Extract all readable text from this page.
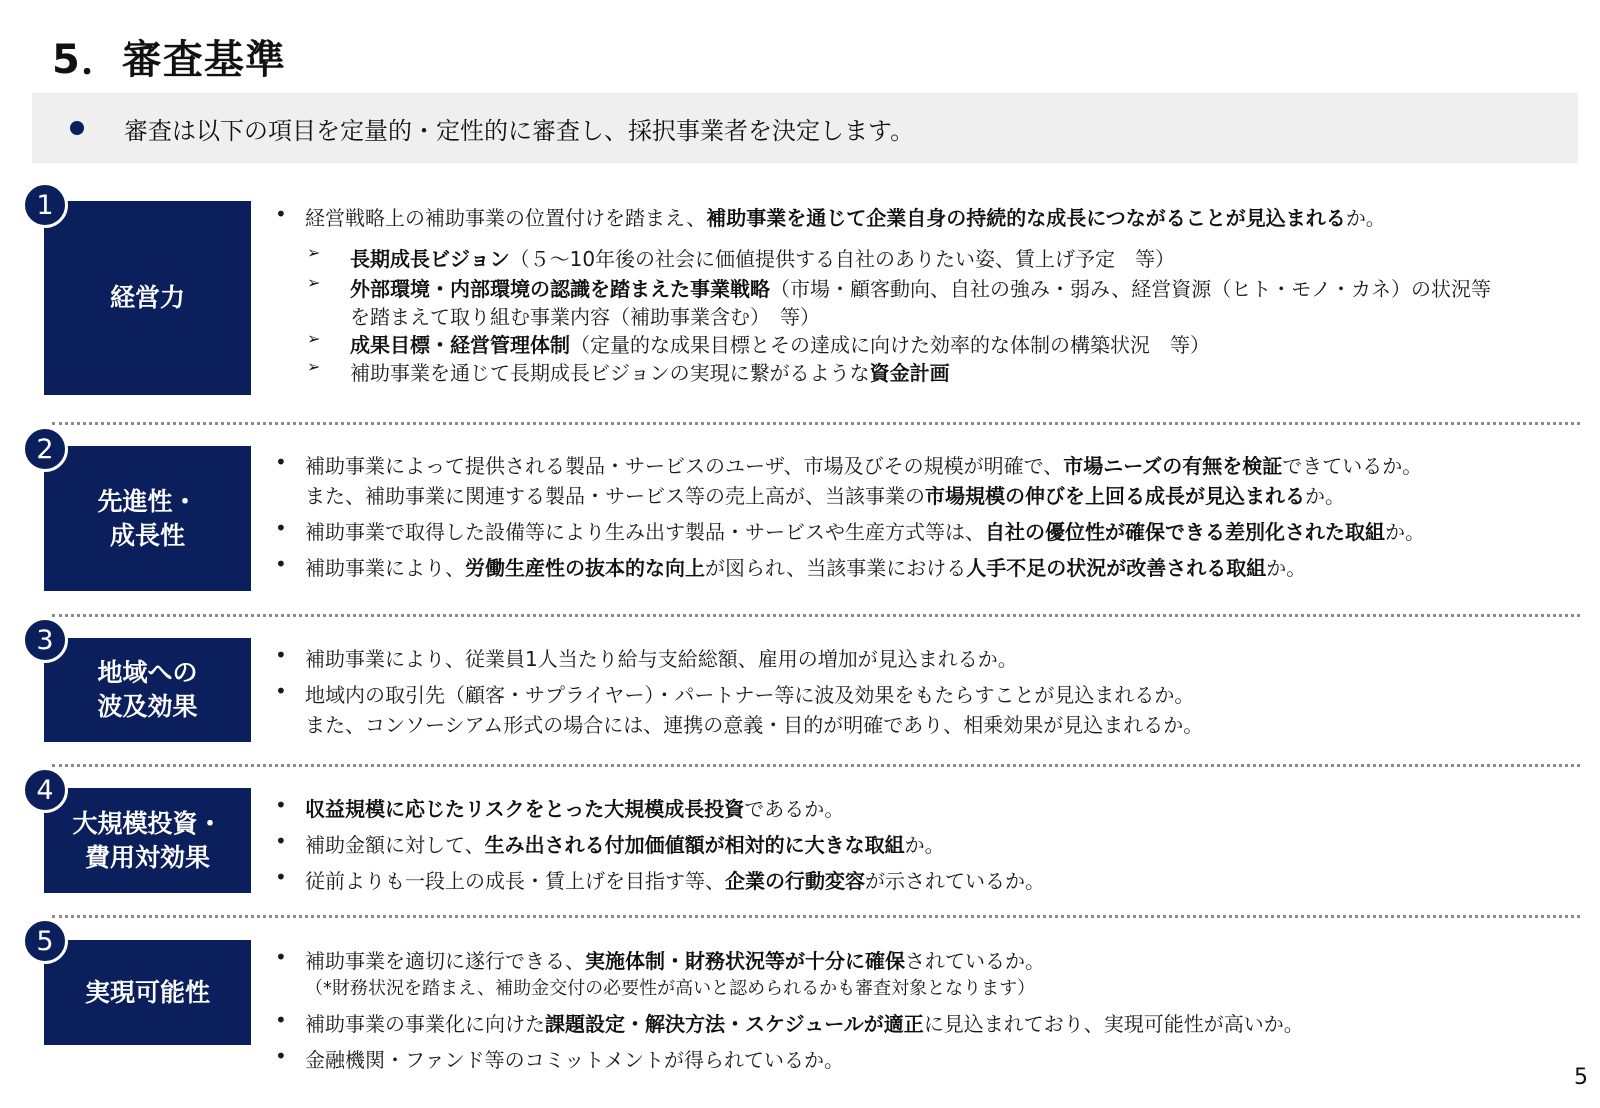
5．審査基準
審査は以下の項目を定量的・定性的に審査し、採択事業者を決定します。
経営力
1	• 経営戦略上の補助事業の位置付けを踏まえ、補助事業を通じて企業自身の持続的な成長につながることが見込まれるか。
➢ 長期成長ビジョン（５～10年後の社会に価値提供する自社のありたい姿、賃上げ予定　等）
➢ 外部環境・内部環境の認識を踏まえた事業戦略（市場・顧客動向、自社の強み・弱み、経営資源（ヒト・モノ・カネ）の状況等
を踏まえて取り組む事業内容（補助事業含む）　等）
➢ 成果目標・経営管理体制（定量的な成果目標とその達成に向けた効率的な体制の構築状況　等）
➢ 補助事業を通じて長期成長ビジョンの実現に繋がるような資金計画
先進性・
成長性
2	• 補助事業によって提供される製品・サービスのユーザ、市場及びその規模が明確で、市場ニーズの有無を検証できているか。
また、補助事業に関連する製品・サービス等の売上高が、当該事業の市場規模の伸びを上回る成長が見込まれるか。
• 補助事業で取得した設備等により生み出す製品・サービスや生産方式等は、自社の優位性が確保できる差別化された取組か。
• 補助事業により、労働生産性の抜本的な向上が図られ、当該事業における人手不足の状況が改善される取組か。
地域への
波及効果
3	• 補助事業により、従業員1人当たり給与支給総額、雇用の増加が見込まれるか。
• 地域内の取引先（顧客・サプライヤー）・パートナー等に波及効果をもたらすことが見込まれるか。
また、コンソーシアム形式の場合には、連携の意義・目的が明確であり、相乗効果が見込まれるか。
大規模投資・
費用対効果
4	• 収益規模に応じたリスクをとった大規模成長投資であるか。
• 補助金額に対して、生み出される付加価値額が相対的に大きな取組か。
• 従前よりも一段上の成長・賃上げを目指す等、企業の行動変容が示されているか。
実現可能性
5
• 補助事業を適切に遂行できる、実施体制・財務状況等が十分に確保されているか。
（*財務状況を踏まえ、補助金交付の必要性が高いと認められるかも審査対象となります）
• 補助事業の事業化に向けた課題設定・解決方法・スケジュールが適正に見込まれており、実現可能性が高いか。
• 金融機関・ファンド等のコミットメントが得られているか。
5
